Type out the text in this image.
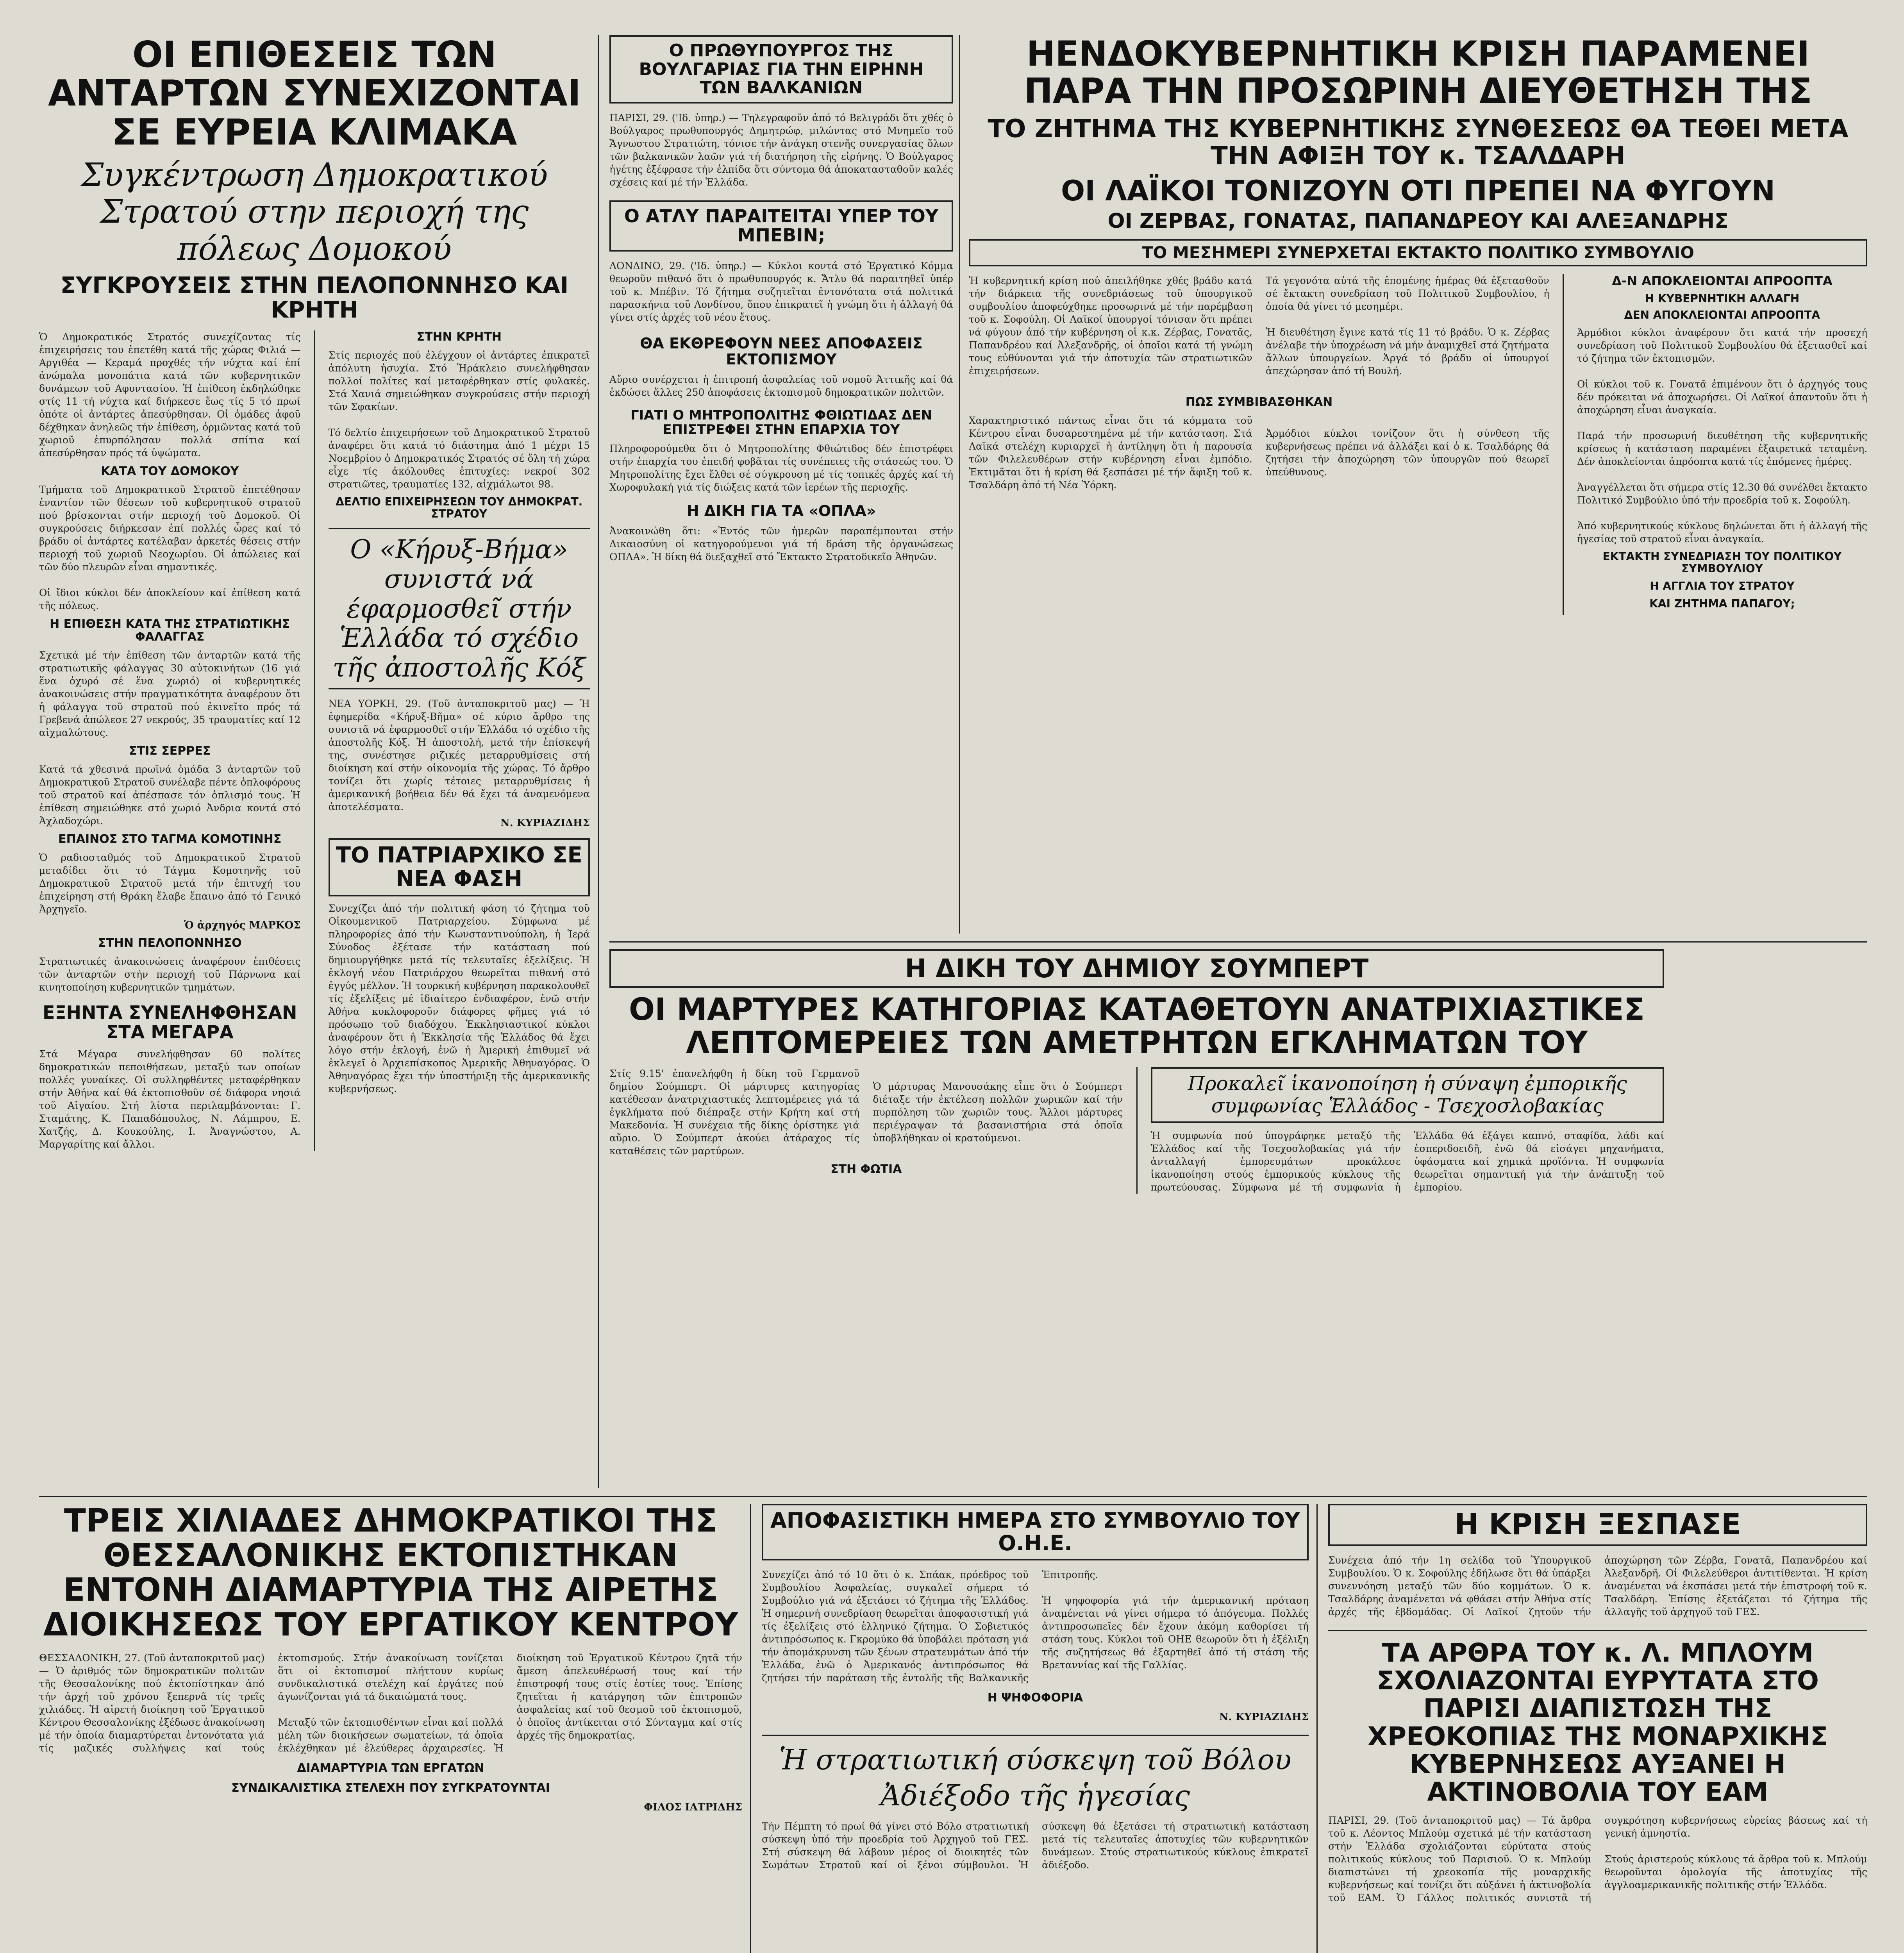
ΟΙ ΕΠΙΘΕΣΕΙΣ ΤΩΝ ΑΝΤΑΡΤΩΝ ΣΥΝΕΧΙΖΟΝΤΑΙ ΣΕ ΕΥΡΕΙΑ ΚΛΙΜΑΚΑ
Συγκέντρωση Δημοκρατικού Στρατού στην περιοχή της πόλεως Δομοκού
ΣΥΓΚΡΟΥΣΕΙΣ ΣΤΗΝ ΠΕΛΟΠΟΝΝΗΣΟ ΚΑΙ ΚΡΗΤΗ
Ὁ Δημοκρατικός Στρατός συνεχίζοντας τίς ἐπιχειρήσεις του ἐπετέθη κατά τῆς χώρας Φιλιά — Αργιθέα — Κεραμά προχθές τήν νύχτα καί ἐπί ἀνώμαλα μονοπάτια κατά τῶν κυβερνητικῶν δυνάμεων τοῦ Αφυντασίου. Ἡ ἐπίθεση ἐκδηλώθηκε στίς 11 τή νύχτα καί διήρκεσε ἕως τίς 5 τό πρωί ὁπότε οἱ ἀντάρτες ἀπεσύρθησαν. Οἱ ὁμάδες ἀφοῦ δέχθηκαν ἀνηλεῶς τήν ἐπίθεση, ὁρμῶντας κατά τοῦ χωριοῦ ἐπυρπόλησαν πολλά σπίτια καί ἀπεσύρθησαν πρός τά ὑψώματα.
ΚΑΤΑ ΤΟΥ ΔΟΜΟΚΟΥ
Τμήματα τοῦ Δημοκρατικοῦ Στρατοῦ ἐπετέθησαν ἐναντίον τῶν θέσεων τοῦ κυβερνητικοῦ στρατοῦ πού βρίσκονται στήν περιοχή τοῦ Δομοκοῦ. Οἱ συγκρούσεις διήρκεσαν ἐπί πολλές ὧρες καί τό βράδυ οἱ ἀντάρτες κατέλαβαν ἀρκετές θέσεις στήν περιοχή τοῦ χωριοῦ Νεοχωρίου. Οἱ ἀπώλειες καί τῶν δύο πλευρῶν εἶναι σημαντικές.

Οἱ ἴδιοι κύκλοι δέν ἀποκλείουν καί ἐπίθεση κατά τῆς πόλεως.
Η ΕΠΙΘΕΣΗ ΚΑΤΑ ΤΗΣ ΣΤΡΑΤΙΩΤΙΚΗΣ ΦΑΛΑΓΓΑΣ
Σχετικά μέ τήν ἐπίθεση τῶν ἀνταρτῶν κατά τῆς στρατιωτικῆς φάλαγγας 30 αὐτοκινήτων (16 γιά ἕνα ὀχυρό σέ ἕνα χωριό) οἱ κυβερνητικές ἀνακοινώσεις στήν πραγματικότητα ἀναφέρουν ὅτι ἡ φάλαγγα τοῦ στρατοῦ πού ἐκινεῖτο πρός τά Γρεβενά ἀπώλεσε 27 νεκρούς, 35 τραυματίες καί 12 αἰχμαλώτους.
ΣΤΙΣ ΣΕΡΡΕΣ
Κατά τά χθεσινά πρωϊνά ὁμάδα 3 ἀνταρτῶν τοῦ Δημοκρατικοῦ Στρατοῦ συνέλαβε πέντε ὁπλοφόρους τοῦ στρατοῦ καί ἀπέσπασε τόν ὁπλισμό τους. Ἡ ἐπίθεση σημειώθηκε στό χωριό Ἀνδρια κοντά στό Ἀχλαδοχώρι.
ΕΠΑΙΝΟΣ ΣΤΟ ΤΑΓΜΑ ΚΟΜΟΤΙΝΗΣ
Ὁ ραδιοσταθμός τοῦ Δημοκρατικοῦ Στρατοῦ μεταδίδει ὅτι τό Τάγμα Κομοτηνῆς τοῦ Δημοκρατικοῦ Στρατοῦ μετά τήν ἐπιτυχή του ἐπιχείρηση στή Θράκη ἔλαβε ἔπαινο ἀπό τό Γενικό Ἀρχηγεῖο.
Ὁ ἀρχηγός ΜΑΡΚΟΣ
ΣΤΗΝ ΠΕΛΟΠΟΝΝΗΣΟ
Στρατιωτικές ἀνακοινώσεις ἀναφέρουν ἐπιθέσεις τῶν ἀνταρτῶν στήν περιοχή τοῦ Πάρνωνα καί κινητοποίηση κυβερνητικῶν τμημάτων.
ΕΞΗΝΤΑ ΣΥΝΕΛΗΦΘΗΣΑΝ ΣΤΑ ΜΕΓΑΡΑ
Στά Μέγαρα συνελήφθησαν 60 πολίτες δημοκρατικών πεποιθήσεων, μεταξύ των οποίων πολλές γυναίκες. Οἱ συλληφθέντες μεταφέρθηκαν στήν Ἀθήνα καί θά ἐκτοπισθοῦν σέ διάφορα νησιά τοῦ Αἰγαίου. Στή λίστα περιλαμβάνονται: Γ. Σταμάτης, Κ. Παπαδόπουλος, Ν. Λάμπρου, Ε. Χατζής, Δ. Κουκούλης, Ι. Ἀναγνώστου, Α. Μαργαρίτης καί ἄλλοι.
ΣΤΗΝ ΚΡΗΤΗ
Στίς περιοχές πού ἐλέγχουν οἱ ἀντάρτες ἐπικρατεῖ ἀπόλυτη ἡσυχία. Στό Ἡράκλειο συνελήφθησαν πολλοί πολίτες καί μεταφέρθηκαν στίς φυλακές. Στά Χανιά σημειώθηκαν συγκρούσεις στήν περιοχή τῶν Σφακίων.

Τό δελτίο ἐπιχειρήσεων τοῦ Δημοκρατικοῦ Στρατοῦ ἀναφέρει ὅτι κατά τό διάστημα ἀπό 1 μέχρι 15 Νοεμβρίου ὁ Δημοκρατικός Στρατός σέ ὅλη τή χώρα εἶχε τίς ἀκόλουθες ἐπιτυχίες: νεκροί 302 στρατιῶτες, τραυματίες 132, αἰχμάλωτοι 98.
ΔΕΛΤΙΟ ΕΠΙΧΕΙΡΗΣΕΩΝ ΤΟΥ ΔΗΜΟΚΡΑΤ. ΣΤΡΑΤΟΥ
Ο «Κήρυξ-Βήμα» συνιστά νά έφαρμοσθεῖ στήν Ἑλλάδα τό σχέδιο τῆς ἀποστολῆς Κόξ
ΝΕΑ ΥΟΡΚΗ, 29. (Τοῦ ἀνταποκριτοῦ μας) — Ἡ ἐφημερίδα «Κήρυξ-Βῆμα» σέ κύριο ἄρθρο της συνιστᾶ νά ἐφαρμοσθεῖ στήν Ἑλλάδα τό σχέδιο τῆς ἀποστολῆς Κόξ. Ἡ ἀποστολή, μετά τήν ἐπίσκεψή της, συνέστησε ριζικές μεταρρυθμίσεις στή διοίκηση καί στήν οἰκονομία τῆς χώρας. Τό ἄρθρο τονίζει ὅτι χωρίς τέτοιες μεταρρυθμίσεις ἡ ἀμερικανική βοήθεια δέν θά ἔχει τά ἀναμενόμενα ἀποτελέσματα.
Ν. ΚΥΡΙΑΖΙΔΗΣ
ΤΟ ΠΑΤΡΙΑΡΧΙΚΟ ΣΕ ΝΕΑ ΦΑΣΗ
Συνεχίζει ἀπό τήν πολιτική φάση τό ζήτημα τοῦ Οἰκουμενικοῦ Πατριαρχείου. Σύμφωνα μέ πληροφορίες ἀπό τήν Κωνσταντινούπολη, ἡ Ἱερά Σύνοδος ἐξέτασε τήν κατάσταση πού δημιουργήθηκε μετά τίς τελευταῖες ἐξελίξεις. Ἡ ἐκλογή νέου Πατριάρχου θεωρεῖται πιθανή στό ἐγγύς μέλλον. Ἡ τουρκική κυβέρνηση παρακολουθεῖ τίς ἐξελίξεις μέ ἰδιαίτερο ἐνδιαφέρον, ἐνῶ στήν Ἀθήνα κυκλοφοροῦν διάφορες φῆμες γιά τό πρόσωπο τοῦ διαδόχου. Ἐκκλησιαστικοί κύκλοι ἀναφέρουν ὅτι ἡ Ἐκκλησία τῆς Ἑλλάδος θά ἔχει λόγο στήν ἐκλογή, ἐνῶ ἡ Ἀμερική ἐπιθυμεῖ νά ἐκλεγεῖ ὁ Ἀρχιεπίσκοπος Ἀμερικῆς Ἀθηναγόρας. Ὁ Ἀθηναγόρας ἔχει τήν ὑποστήριξη τῆς ἀμερικανικῆς κυβερνήσεως.
Ο ΠΡΩΘΥΠΟΥΡΓΟΣ ΤΗΣ ΒΟΥΛΓΑΡΙΑΣ ΓΙΑ ΤΗΝ ΕΙΡΗΝΗ ΤΩΝ ΒΑΛΚΑΝΙΩΝ
ΠΑΡΙΣΙ, 29. ('Ιδ. ὑπηρ.) — Τηλεγραφοῦν ἀπό τό Βελιγράδι ὅτι χθές ὁ Βούλγαρος πρωθυπουργός Δημητρώφ, μιλώντας στό Μνημεῖο τοῦ Ἄγνωστου Στρατιώτη, τόνισε τήν ἀνάγκη στενῆς συνεργασίας ὅλων τῶν βαλκανικῶν λαῶν γιά τή διατήρηση τῆς εἰρήνης. Ὁ Βούλγαρος ἡγέτης ἐξέφρασε τήν ἐλπίδα ὅτι σύντομα θά ἀποκατασταθοῦν καλές σχέσεις καί μέ τήν Ἑλλάδα.
Ο ΑΤΛΥ ΠΑΡΑΙΤΕΙΤΑΙ ΥΠΕΡ ΤΟΥ ΜΠΕΒΙΝ;
ΛΟΝΔΙΝΟ, 29. ('Ιδ. ὑπηρ.) — Κύκλοι κοντά στό Ἐργατικό Κόμμα θεωροῦν πιθανό ὅτι ὁ πρωθυπουργός κ. Ἄτλυ θά παραιτηθεῖ ὑπέρ τοῦ κ. Μπέβιν. Τό ζήτημα συζητεῖται ἐντονότατα στά πολιτικά παρασκήνια τοῦ Λονδίνου, ὅπου ἐπικρατεῖ ἡ γνώμη ὅτι ἡ ἀλλαγή θά γίνει στίς ἀρχές τοῦ νέου ἔτους.
ΘΑ ΕΚΘΡΕΦΟΥΝ ΝΕΕΣ ΑΠΟΦΑΣΕΙΣ ΕΚΤΟΠΙΣΜΟΥ
Αὔριο συνέρχεται ἡ ἐπιτροπή ἀσφαλείας τοῦ νομοῦ Ἀττικῆς καί θά ἐκδώσει ἄλλες 250 ἀποφάσεις ἐκτοπισμοῦ δημοκρατικῶν πολιτῶν.
ΓΙΑΤΙ Ο ΜΗΤΡΟΠΟΛΙΤΗΣ ΦΘΙΩΤΙΔΑΣ ΔΕΝ ΕΠΙΣΤΡΕΦΕΙ ΣΤΗΝ ΕΠΑΡΧΙΑ ΤΟΥ
Πληροφορούμεθα ὅτι ὁ Μητροπολίτης Φθιώτιδος δέν ἐπιστρέφει στήν ἐπαρχία του ἐπειδή φοβᾶται τίς συνέπειες τῆς στάσεώς του. Ὁ Μητροπολίτης ἔχει ἔλθει σέ σύγκρουση μέ τίς τοπικές ἀρχές καί τή Χωροφυλακή γιά τίς διώξεις κατά τῶν ἱερέων τῆς περιοχῆς.
Η ΔΙΚΗ ΓΙΑ ΤΑ «ΟΠΛΑ»
Ἀνακοινώθη ὅτι: «Ἐντός τῶν ἡμερῶν παραπέμπονται στήν Δικαιοσύνη οἱ κατηγορούμενοι γιά τή δράση τῆς ὀργανώσεως ΟΠΛΑ». Ἡ δίκη θά διεξαχθεῖ στό Ἔκτακτο Στρατοδικεῖο Ἀθηνῶν.
ΗΕΝΔΟΚΥΒΕΡΝΗΤΙΚΗ ΚΡΙΣΗ ΠΑΡΑΜΕΝΕΙ ΠΑΡΑ ΤΗΝ ΠΡΟΣΩΡΙΝΗ ΔΙΕΥΘΕΤΗΣΗ ΤΗΣ
ΤΟ ΖΗΤΗΜΑ ΤΗΣ ΚΥΒΕΡΝΗΤΙΚΗΣ ΣΥΝΘΕΣΕΩΣ ΘΑ ΤΕΘΕΙ ΜΕΤΑ ΤΗΝ ΑΦΙΞΗ ΤΟΥ κ. ΤΣΑΛΔΑΡΗ
ΟΙ ΛΑΪΚΟΙ ΤΟΝΙΖΟΥΝ ΟΤΙ ΠΡΕΠΕΙ ΝΑ ΦΥΓΟΥΝ
ΟΙ ΖΕΡΒΑΣ, ΓΟΝΑΤΑΣ, ΠΑΠΑΝΔΡΕΟΥ ΚΑΙ ΑΛΕΞΑΝΔΡΗΣ
ΤΟ ΜΕΣΗΜΕΡΙ ΣΥΝΕΡΧΕΤΑΙ ΕΚΤΑΚΤΟ ΠΟΛΙΤΙΚΟ ΣΥΜΒΟΥΛΙΟ
Ἡ κυβερνητική κρίση πού ἀπειλήθηκε χθές βράδυ κατά τήν διάρκεια τῆς συνεδριάσεως τοῦ ὑπουργικοῦ συμβουλίου ἀποφεύχθηκε προσωρινά μέ τήν παρέμβαση τοῦ κ. Σοφούλη. Οἱ Λαϊκοί ὑπουργοί τόνισαν ὅτι πρέπει νά φύγουν ἀπό τήν κυβέρνηση οἱ κ.κ. Ζέρβας, Γονατᾶς, Παπανδρέου καί Ἀλεξανδρῆς, οἱ ὁποῖοι κατά τή γνώμη τους εὐθύνονται γιά τήν ἀποτυχία τῶν στρατιωτικῶν ἐπιχειρήσεων.

Τά γεγονότα αὐτά τῆς ἐπομένης ἡμέρας θά ἐξετασθοῦν σέ ἔκτακτη συνεδρίαση τοῦ Πολιτικοῦ Συμβουλίου, ἡ ὁποία θά γίνει τό μεσημέρι.

Ἡ διευθέτηση ἔγινε κατά τίς 11 τό βράδυ. Ὁ κ. Ζέρβας ἀνέλαβε τήν ὑποχρέωση νά μήν ἀναμιχθεῖ στά ζητήματα ἄλλων ὑπουργείων. Ἀργά τό βράδυ οἱ ὑπουργοί ἀπεχώρησαν ἀπό τή Βουλή.
ΠΩΣ ΣΥΜΒΙΒΑΣΘΗΚΑΝ
Χαρακτηριστικό πάντως εἶναι ὅτι τά κόμματα τοῦ Κέντρου εἶναι δυσαρεστημένα μέ τήν κατάσταση. Στά Λαϊκά στελέχη κυριαρχεῖ ἡ ἀντίληψη ὅτι ἡ παρουσία τῶν Φιλελευθέρων στήν κυβέρνηση εἶναι ἐμπόδιο. Ἐκτιμᾶται ὅτι ἡ κρίση θά ξεσπάσει μέ τήν ἄφιξη τοῦ κ. Τσαλδάρη ἀπό τή Νέα Ὑόρκη.

Ἀρμόδιοι κύκλοι τονίζουν ὅτι ἡ σύνθεση τῆς κυβερνήσεως πρέπει νά ἀλλάξει καί ὁ κ. Τσαλδάρης θά ζητήσει τήν ἀποχώρηση τῶν ὑπουργῶν πού θεωρεῖ ὑπεύθυνους.
Δ-Ν ΑΠΟΚΛΕΙΟΝΤΑΙ ΑΠΡΟΟΠΤΑ
Η ΚΥΒΕΡΝΗΤΙΚΗ ΑΛΛΑΓΗ
ΔΕΝ ΑΠΟΚΛΕΙΟΝΤΑΙ ΑΠΡΟΟΠΤΑ
Ἀρμόδιοι κύκλοι ἀναφέρουν ὅτι κατά τήν προσεχή συνεδρίαση τοῦ Πολιτικοῦ Συμβουλίου θά ἐξετασθεῖ καί τό ζήτημα τῶν ἐκτοπισμῶν.

Οἱ κύκλοι τοῦ κ. Γονατᾶ ἐπιμένουν ὅτι ὁ ἀρχηγός τους δέν πρόκειται νά ἀποχωρήσει. Οἱ Λαϊκοί ἀπαντοῦν ὅτι ἡ ἀποχώρηση εἶναι ἀναγκαία.

Παρά τήν προσωρινή διευθέτηση τῆς κυβερνητικῆς κρίσεως ἡ κατάσταση παραμένει ἐξαιρετικά τεταμένη. Δέν ἀποκλείονται ἀπρόοπτα κατά τίς ἑπόμενες ἡμέρες.

Ἀναγγέλλεται ὅτι σήμερα στίς 12.30 θά συνέλθει ἔκτακτο Πολιτικό Συμβούλιο ὑπό τήν προεδρία τοῦ κ. Σοφούλη.

Ἀπό κυβερνητικούς κύκλους δηλώνεται ὅτι ἡ ἀλλαγή τῆς ἡγεσίας τοῦ στρατοῦ εἶναι ἀναγκαία.
ΕΚΤΑΚΤΗ ΣΥΝΕΔΡΙΑΣΗ ΤΟΥ ΠΟΛΙΤΙΚΟΥ ΣΥΜΒΟΥΛΙΟΥ
Η ΑΓΓΛΙΑ ΤΟΥ ΣΤΡΑΤΟΥ
ΚΑΙ ΖΗΤΗΜΑ ΠΑΠΑΓΟΥ;
Η ΔΙΚΗ ΤΟΥ ΔΗΜΙΟΥ ΣΟΥΜΠΕΡΤ
ΟΙ ΜΑΡΤΥΡΕΣ ΚΑΤΗΓΟΡΙΑΣ ΚΑΤΑΘΕΤΟΥΝ ΑΝΑΤΡΙΧΙΑΣΤΙΚΕΣ ΛΕΠΤΟΜΕΡΕΙΕΣ ΤΩΝ ΑΜΕΤΡΗΤΩΝ ΕΓΚΛΗΜΑΤΩΝ ΤΟΥ
Στίς 9.15' ἐπανελήφθη ἡ δίκη τοῦ Γερμανοῦ δημίου Σούμπερτ. Οἱ μάρτυρες κατηγορίας κατέθεσαν ἀνατριχιαστικές λεπτομέρειες γιά τά ἐγκλήματα πού διέπραξε στήν Κρήτη καί στή Μακεδονία. Ἡ συνέχεια τῆς δίκης ὁρίστηκε γιά αὔριο. Ὁ Σούμπερτ ἀκούει ἀτάραχος τίς καταθέσεις τῶν μαρτύρων.

Ὁ μάρτυρας Μανουσάκης εἶπε ὅτι ὁ Σούμπερτ διέταξε τήν ἐκτέλεση πολλῶν χωρικῶν καί τήν πυρπόληση τῶν χωριῶν τους. Ἄλλοι μάρτυρες περιέγραψαν τά βασανιστήρια στά ὁποῖα ὑποβλήθηκαν οἱ κρατούμενοι.
ΣΤΗ ΦΩΤΙΑ
Προκαλεῖ ἱκανοποίηση ἡ σύναψη ἐμπορικῆς συμφωνίας Ἑλλάδος - Τσεχοσλοβακίας
Ἡ συμφωνία πού ὑπογράφηκε μεταξύ τῆς Ἑλλάδος καί τῆς Τσεχοσλοβακίας γιά τήν ἀνταλλαγή ἐμπορευμάτων προκάλεσε ἱκανοποίηση στούς ἐμπορικούς κύκλους τῆς πρωτεύουσας. Σύμφωνα μέ τή συμφωνία ἡ Ἑλλάδα θά ἐξάγει καπνό, σταφίδα, λάδι καί ἐσπεριδοειδῆ, ἐνῶ θά εἰσάγει μηχανήματα, ὑφάσματα καί χημικά προϊόντα. Ἡ συμφωνία θεωρεῖται σημαντική γιά τήν ἀνάπτυξη τοῦ ἐμπορίου.
ΤΡΕΙΣ ΧΙΛΙΑΔΕΣ ΔΗΜΟΚΡΑΤΙΚΟΙ ΤΗΣ ΘΕΣΣΑΛΟΝΙΚΗΣ ΕΚΤΟΠΙΣΤΗΚΑΝ ΕΝΤΟΝΗ ΔΙΑΜΑΡΤΥΡΙΑ ΤΗΣ ΑΙΡΕΤΗΣ ΔΙΟΙΚΗΣΕΩΣ ΤΟΥ ΕΡΓΑΤΙΚΟΥ ΚΕΝΤΡΟΥ
ΘΕΣΣΑΛΟΝΙΚΗ, 27. (Τοῦ ἀνταποκριτοῦ μας) — Ὁ ἀριθμός τῶν δημοκρατικῶν πολιτῶν τῆς Θεσσαλονίκης πού ἐκτοπίστηκαν ἀπό τήν ἀρχή τοῦ χρόνου ξεπερνᾶ τίς τρεῖς χιλιάδες. Ἡ αἱρετή διοίκηση τοῦ Ἐργατικοῦ Κέντρου Θεσσαλονίκης ἐξέδωσε ἀνακοίνωση μέ τήν ὁποία διαμαρτύρεται ἐντονότατα γιά τίς μαζικές συλλήψεις καί τούς ἐκτοπισμούς. Στήν ἀνακοίνωση τονίζεται ὅτι οἱ ἐκτοπισμοί πλήττουν κυρίως συνδικαλιστικά στελέχη καί ἐργάτες πού ἀγωνίζονται γιά τά δικαιώματά τους.

Μεταξύ τῶν ἐκτοπισθέντων εἶναι καί πολλά μέλη τῶν διοικήσεων σωματείων, τά ὁποῖα ἐκλέχθηκαν μέ ἐλεύθερες ἀρχαιρεσίες. Ἡ διοίκηση τοῦ Ἐργατικοῦ Κέντρου ζητᾶ τήν ἄμεση ἀπελευθέρωσή τους καί τήν ἐπιστροφή τους στίς ἑστίες τους. Ἐπίσης ζητεῖται ἡ κατάργηση τῶν ἐπιτροπῶν ἀσφαλείας καί τοῦ θεσμοῦ τοῦ ἐκτοπισμοῦ, ὁ ὁποῖος ἀντίκειται στό Σύνταγμα καί στίς ἀρχές τῆς δημοκρατίας.
ΔΙΑΜΑΡΤΥΡΙΑ ΤΩΝ ΕΡΓΑΤΩΝ
ΣΥΝΔΙΚΑΛΙΣΤΙΚΑ ΣΤΕΛΕΧΗ ΠΟΥ ΣΥΓΚΡΑΤΟΥΝΤΑΙ
ΦΙΛΟΣ ΙΑΤΡΙΔΗΣ
ΑΠΟΦΑΣΙΣΤΙΚΗ ΗΜΕΡΑ ΣΤΟ ΣΥΜΒΟΥΛΙΟ ΤΟΥ Ο.Η.Ε.
Συνεχίζει ἀπό τό 10 ὅτι ὁ κ. Σπάακ, πρόεδρος τοῦ Συμβουλίου Ἀσφαλείας, συγκαλεῖ σήμερα τό Συμβούλιο γιά νά ἐξετάσει τό ζήτημα τῆς Ἑλλάδος. Ἡ σημερινή συνεδρίαση θεωρεῖται ἀποφασιστική γιά τίς ἐξελίξεις στό ἑλληνικό ζήτημα. Ὁ Σοβιετικός ἀντιπρόσωπος κ. Γκρομύκο θά ὑποβάλει πρόταση γιά τήν ἀπομάκρυνση τῶν ξένων στρατευμάτων ἀπό τήν Ἑλλάδα, ἐνῶ ὁ Ἀμερικανός ἀντιπρόσωπος θά ζητήσει τήν παράταση τῆς ἐντολῆς τῆς Βαλκανικῆς Ἐπιτροπῆς.

Ἡ ψηφοφορία γιά τήν ἀμερικανική πρόταση ἀναμένεται νά γίνει σήμερα τό ἀπόγευμα. Πολλές ἀντιπροσωπεῖες δέν ἔχουν ἀκόμη καθορίσει τή στάση τους. Κύκλοι τοῦ ΟΗΕ θεωροῦν ὅτι ἡ ἐξέλιξη τῆς συζητήσεως θά ἐξαρτηθεῖ ἀπό τή στάση τῆς Βρεταννίας καί τῆς Γαλλίας.
Η ΨΗΦΟΦΟΡΙΑ
Ν. ΚΥΡΙΑΖΙΔΗΣ
Ἡ στρατιωτική σύσκεψη τοῦ Βόλου
Ἀδιέξοδο τῆς ἡγεσίας
Τήν Πέμπτη τό πρωί θά γίνει στό Βόλο στρατιωτική σύσκεψη ὑπό τήν προεδρία τοῦ Ἀρχηγοῦ τοῦ ΓΕΣ. Στή σύσκεψη θά λάβουν μέρος οἱ διοικητές τῶν Σωμάτων Στρατοῦ καί οἱ ξένοι σύμβουλοι. Ἡ σύσκεψη θά ἐξετάσει τή στρατιωτική κατάσταση μετά τίς τελευταῖες ἀποτυχίες τῶν κυβερνητικῶν δυνάμεων. Στούς στρατιωτικούς κύκλους ἐπικρατεῖ ἀδιέξοδο.
Η ΚΡΙΣΗ ΞΕΣΠΑΣΕ
Συνέχεια ἀπό τήν 1η σελίδα τοῦ Ὑπουργικοῦ Συμβουλίου. Ὁ κ. Σοφούλης ἐδήλωσε ὅτι θά ὑπάρξει συνεννόηση μεταξύ τῶν δύο κομμάτων. Ὁ κ. Τσαλδάρης ἀναμένεται νά φθάσει στήν Ἀθήνα στίς ἀρχές τῆς ἑβδομάδας. Οἱ Λαϊκοί ζητοῦν τήν ἀποχώρηση τῶν Ζέρβα, Γονατᾶ, Παπανδρέου καί Ἀλεξανδρῆ. Οἱ Φιλελεύθεροι ἀντιτίθενται. Ἡ κρίση ἀναμένεται νά ἐκσπάσει μετά τήν ἐπιστροφή τοῦ κ. Τσαλδάρη. Ἐπίσης ἐξετάζεται τό ζήτημα τῆς ἀλλαγῆς τοῦ ἀρχηγοῦ τοῦ ΓΕΣ.
ΤΑ ΑΡΘΡΑ ΤΟΥ κ. Λ. ΜΠΛΟΥΜ ΣΧΟΛΙΑΖΟΝΤΑΙ ΕΥΡΥΤΑΤΑ ΣΤΟ ΠΑΡΙΣΙ ΔΙΑΠΙΣΤΩΣΗ ΤΗΣ ΧΡΕΟΚΟΠΙΑΣ ΤΗΣ ΜΟΝΑΡΧΙΚΗΣ ΚΥΒΕΡΝΗΣΕΩΣ ΑΥΞΑΝΕΙ Η ΑΚΤΙΝΟΒΟΛΙΑ ΤΟΥ ΕΑΜ
ΠΑΡΙΣΙ, 29. (Τοῦ ἀνταποκριτοῦ μας) — Τά ἄρθρα τοῦ κ. Λέοντος Μπλούμ σχετικά μέ τήν κατάσταση στήν Ἑλλάδα σχολιάζονται εὐρύτατα στούς πολιτικούς κύκλους τοῦ Παρισιοῦ. Ὁ κ. Μπλούμ διαπιστώνει τή χρεοκοπία τῆς μοναρχικῆς κυβερνήσεως καί τονίζει ὅτι αὐξάνει ἡ ἀκτινοβολία τοῦ ΕΑΜ. Ὁ Γάλλος πολιτικός συνιστᾶ τή συγκρότηση κυβερνήσεως εὐρείας βάσεως καί τή γενική ἀμνηστία.

Στούς ἀριστερούς κύκλους τά ἄρθρα τοῦ κ. Μπλούμ θεωροῦνται ὁμολογία τῆς ἀποτυχίας τῆς ἀγγλοαμερικανικῆς πολιτικῆς στήν Ἑλλάδα.
